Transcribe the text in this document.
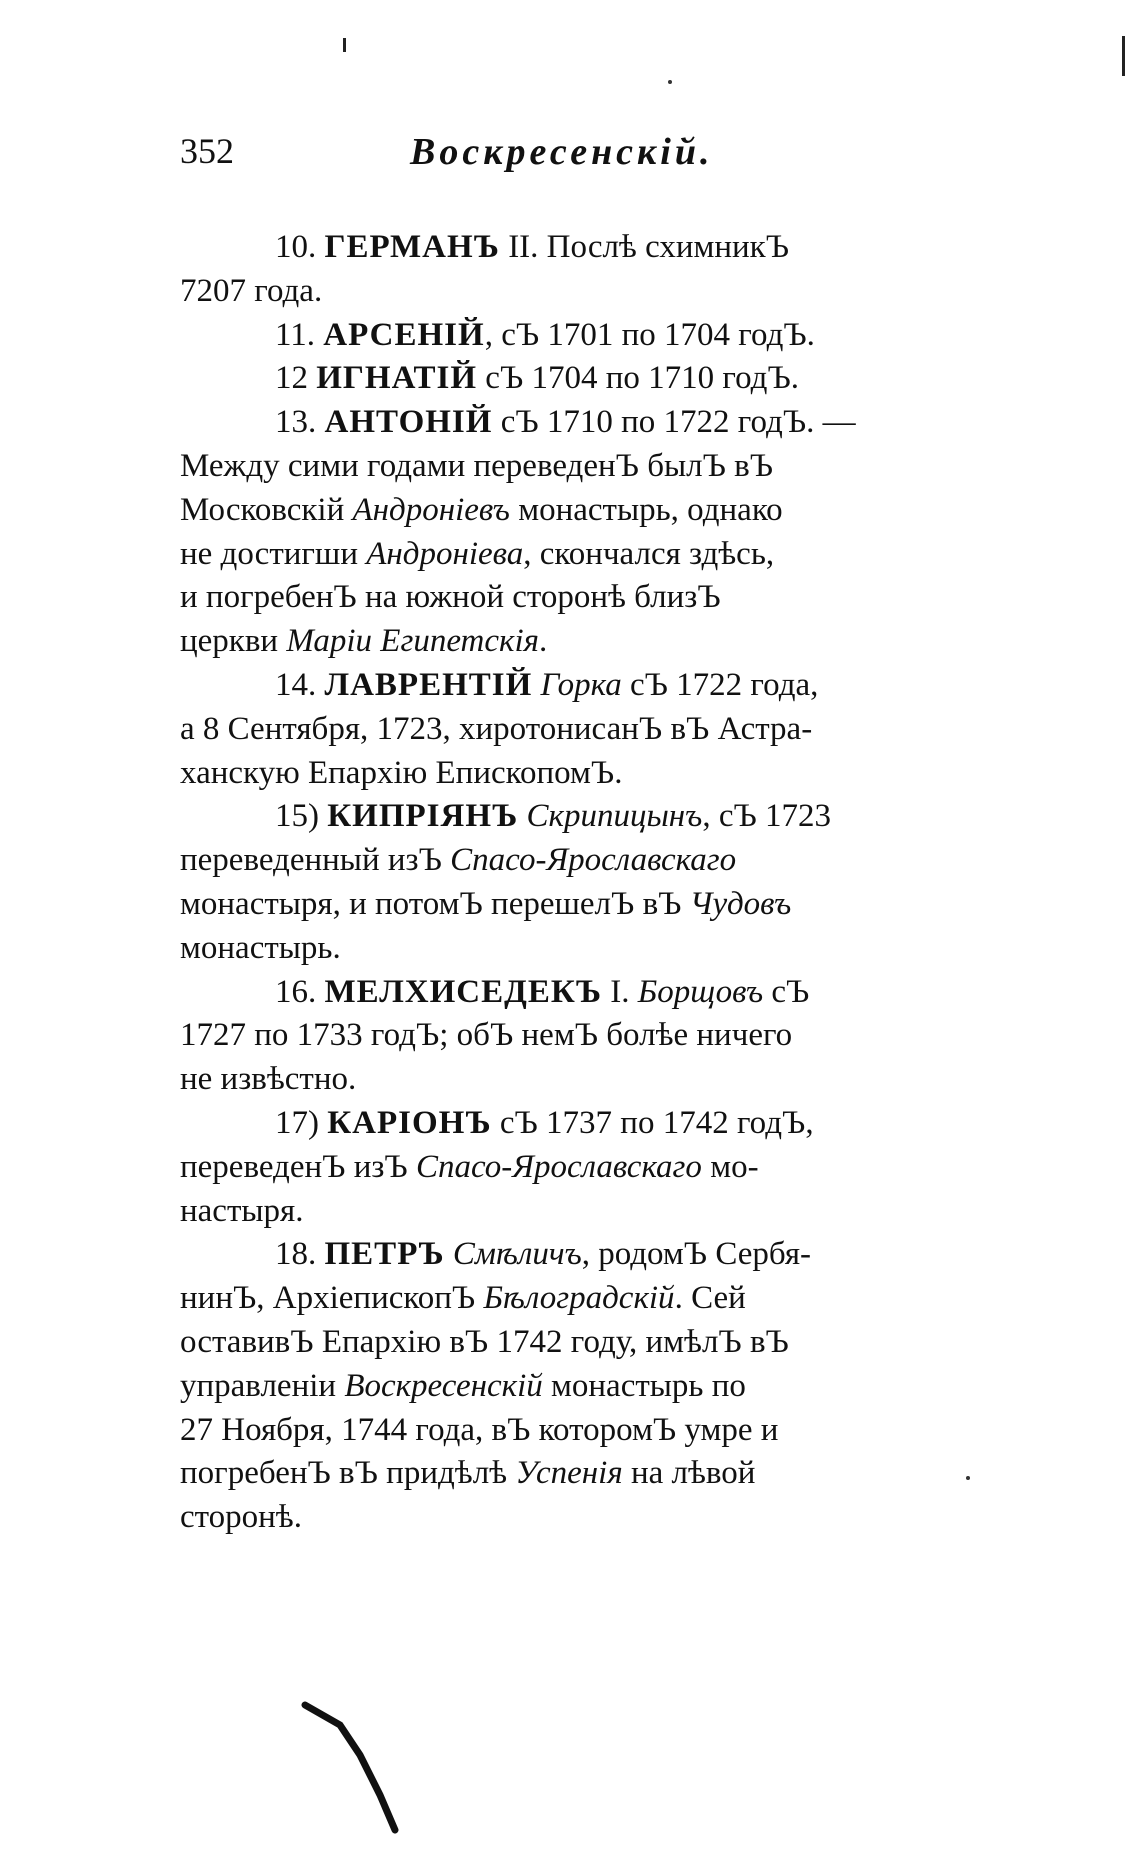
352	Воскресенскій.

10. ГЕРМАНЪ II. Послѣ схимникЪ

7207 года.

11. АРСЕНІЙ, сЪ 1701 по 1704 годЪ.

12 ИГНАТІЙ сЪ 1704 по 1710 годЪ.

13. АНТОНІЙ сЪ 1710 по 1722 годЪ. —

Между сими годами переведенЪ былЪ вЪ

Московскій Андроніевъ монастырь, однако

не достигши Андроніева, скончался здѣсь,

и погребенЪ на южной сторонѣ близЪ

церкви Маріи Египетскія.

14. ЛАВРЕНТІЙ Горка сЪ 1722 года,

а 8 Сентября, 1723, хиротонисанЪ вЪ Астра-

ханскую Епархію ЕпископомЪ.

15) КИПРІЯНЪ Скрипицынъ, сЪ 1723

переведенный изЪ Спасо-Ярославскаго

монастыря, и потомЪ перешелЪ вЪ Чудовъ

монастырь.

16. МЕЛХИСЕДЕКЪ I. Борщовъ сЪ

1727 по 1733 годЪ; обЪ немЪ болѣе ничего

не извѣстно.

17) КАРІОНЪ сЪ 1737 по 1742 годЪ,

переведенЪ изЪ Спасо-Ярославскаго мо-

настыря.

18. ПЕТРЪ Смѣличъ, родомЪ Сербя-

нинЪ, АрхіепископЪ Бѣлоградскій. Сей

оставивЪ Епархію вЪ 1742 году, имѣлЪ вЪ

управленіи Воскресенскій монастырь по

27 Ноября, 1744 года, вЪ которомЪ умре и

погребенЪ вЪ придѣлѣ Успенія на лѣвой

сторонѣ.
